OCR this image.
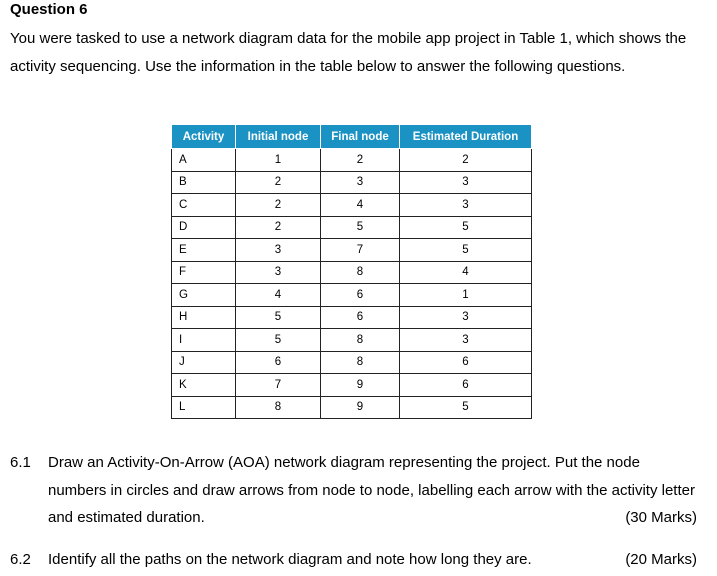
Question 6
You were tasked to use a network diagram data for the mobile app project in Table 1, which shows the activity sequencing. Use the information in the table below to answer the following questions.
Activity	Initial node	Final node	Estimated Duration
A	1	2	2
B	2	3	3
C	2	4	3
D	2	5	5
E	3	7	5
F	3	8	4
G	4	6	1
H	5	6	3
I	5	8	3
J	6	8	6
K	7	9	6
L	8	9	5
6.1 Draw an Activity-On-Arrow (AOA) network diagram representing the project. Put the node numbers in circles and draw arrows from node to node, labelling each arrow with the activity letter and estimated duration.	(30 Marks)
6.2 Identify all the paths on the network diagram and note how long they are.	(20 Marks)
